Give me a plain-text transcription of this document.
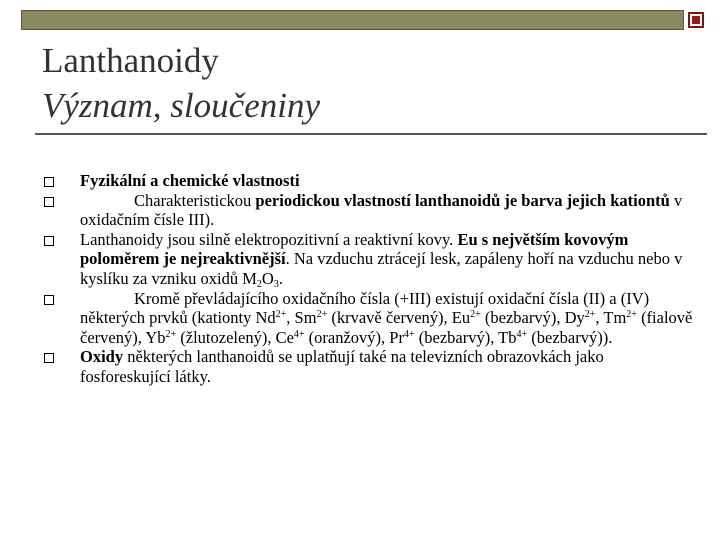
Lanthanoidy
Význam, sloučeniny
Fyzikální a chemické vlastnosti
Charakteristickou periodickou vlastností lanthanoidů je barva jejich kationtů v oxidačním čísle III).
Lanthanoidy jsou silně elektropozitivní a reaktivní kovy. Eu s největším kovovým poloměrem je nejreaktivnější. Na vzduchu ztrácejí lesk, zapáleny hoří na vzduchu nebo v kyslíku za vzniku oxidů $M_2O_3$.
Kromě převládajícího oxidačního čísla (+III) existují oxidační čísla (II) a (IV) některých prvků (kationty $Nd^{2+}$, $Sm^{2+}$ (krvavě červený), $Eu^{2+}$ (bezbarvý), $Dy^{2+}$, $Tm^{2+}$ (fialově červený), $Yb^{2+}$ (žlutozelený), $Ce^{4+}$ (oranžový), $Pr^{4+}$ (bezbarvý), $Tb^{4+}$ (bezbarvý)).
Oxidy některých lanthanoidů se uplatňují také na televizních obrazovkách jako fosforeskující látky.
